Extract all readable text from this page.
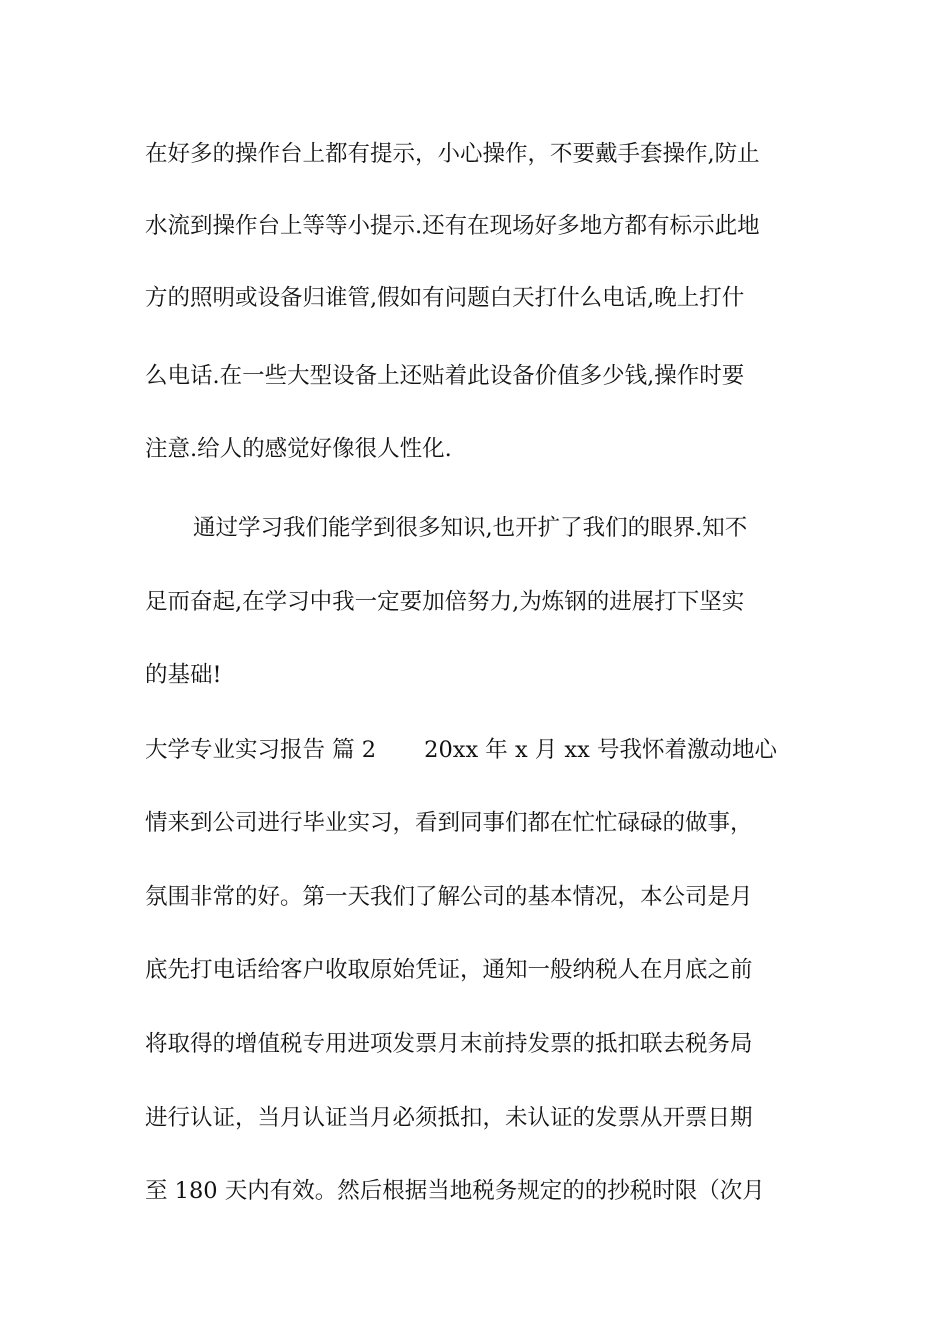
在好多的操作台上都有提示，小心操作，不要戴手套操作,防止
水流到操作台上等等小提示.还有在现场好多地方都有标示此地
方的照明或设备归谁管,假如有问题白天打什么电话,晚上打什
么电话.在一些大型设备上还贴着此设备价值多少钱,操作时要
注意.给人的感觉好像很人性化.
通过学习我们能学到很多知识,也开扩了我们的眼界.知不
足而奋起,在学习中我一定要加倍努力,为炼钢的进展打下坚实
的基础!
大学专业实习报告 篇 2 20xx 年 x 月 xx 号我怀着激动地心
情来到公司进行毕业实习，看到同事们都在忙忙碌碌的做事，
氛围非常的好。第一天我们了解公司的基本情况，本公司是月
底先打电话给客户收取原始凭证，通知一般纳税人在月底之前
将取得的增值税专用进项发票月末前持发票的抵扣联去税务局
进行认证，当月认证当月必须抵扣，未认证的发票从开票日期
至 180 天内有效。然后根据当地税务规定的的抄税时限（次月
